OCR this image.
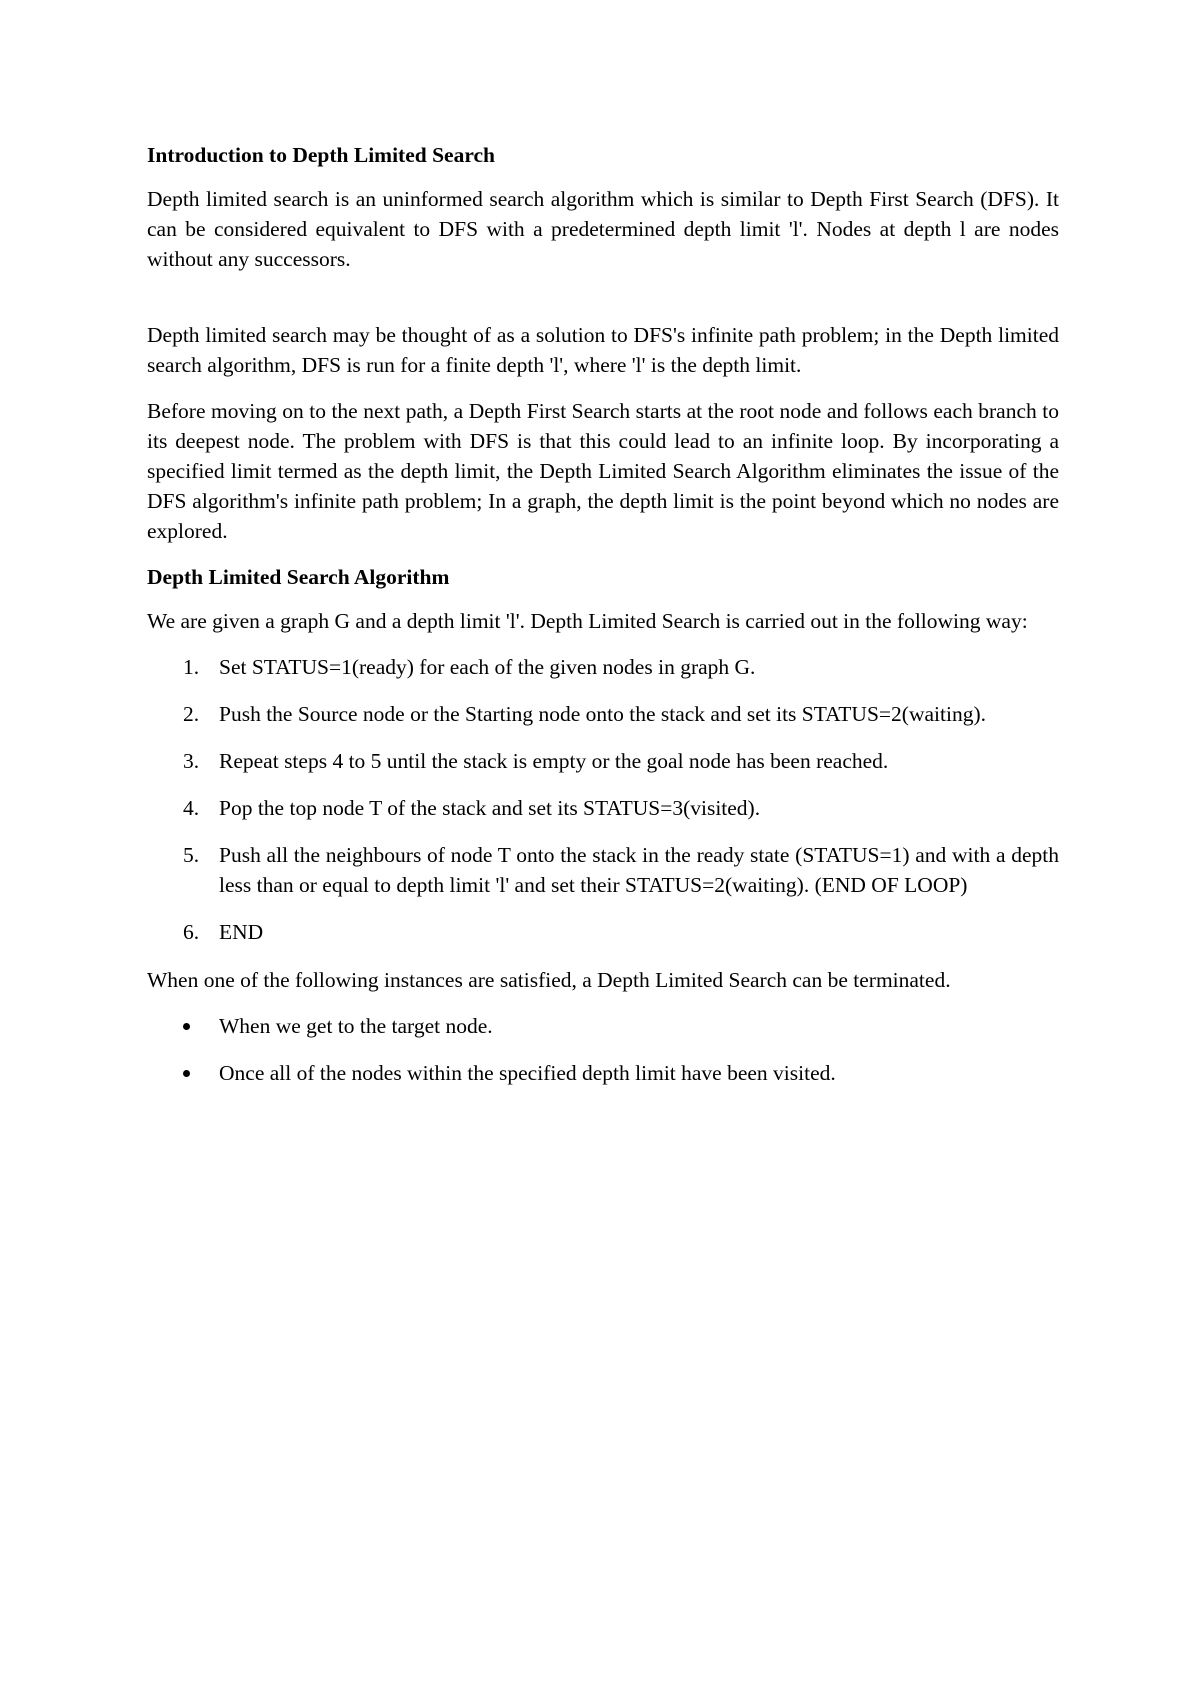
Introduction to Depth Limited Search

Depth limited search is an uninformed search algorithm which is similar to Depth First Search (DFS). It can be considered equivalent to DFS with a predetermined depth limit 'l'. Nodes at depth l are nodes without any successors.

Depth limited search may be thought of as a solution to DFS's infinite path problem; in the Depth limited search algorithm, DFS is run for a finite depth 'l', where 'l' is the depth limit.

Before moving on to the next path, a Depth First Search starts at the root node and follows each branch to its deepest node. The problem with DFS is that this could lead to an infinite loop. By incorporating a specified limit termed as the depth limit, the Depth Limited Search Algorithm eliminates the issue of the DFS algorithm's infinite path problem; In a graph, the depth limit is the point beyond which no nodes are explored.

Depth Limited Search Algorithm

We are given a graph G and a depth limit 'l'. Depth Limited Search is carried out in the following way:

1. Set STATUS=1(ready) for each of the given nodes in graph G.
2. Push the Source node or the Starting node onto the stack and set its STATUS=2(waiting).
3. Repeat steps 4 to 5 until the stack is empty or the goal node has been reached.
4. Pop the top node T of the stack and set its STATUS=3(visited).
5. Push all the neighbours of node T onto the stack in the ready state (STATUS=1) and with a depth less than or equal to depth limit 'l' and set their STATUS=2(waiting). (END OF LOOP)
6. END

When one of the following instances are satisfied, a Depth Limited Search can be terminated.

When we get to the target node.
Once all of the nodes within the specified depth limit have been visited.
